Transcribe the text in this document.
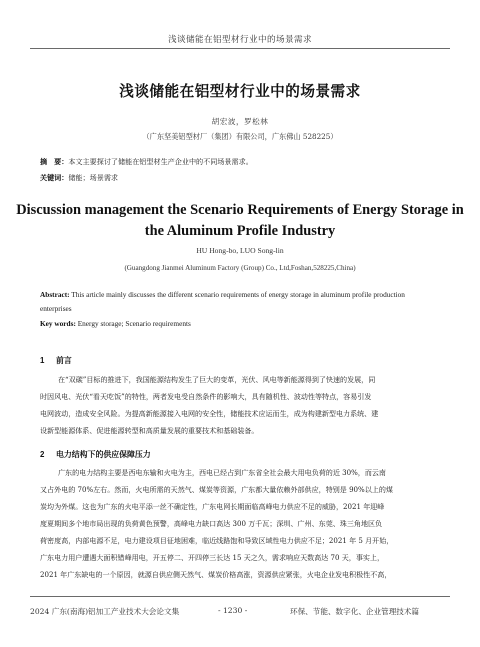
浅谈储能在铝型材行业中的场景需求
浅谈储能在铝型材行业中的场景需求
胡宏波，罗松林
（广东坚美铝型材厂（集团）有限公司，广东佛山 528225）
摘　要：本文主要探讨了储能在铝型材生产企业中的不同场景需求。
关键词：储能；场景需求
Discussion management the Scenario Requirements of Energy Storage in
the Aluminum Profile Industry
HU Hong-bo, LUO Song-lin
(Guangdong Jianmei Aluminum Factory (Group) Co., Ltd,Foshan,528225,China)
Abstract: This article mainly discusses the different scenario requirements of energy storage in aluminum profile production
enterprises
Key words: Energy storage; Scenario requirements
1 前言
在“双碳”目标的推进下，我国能源结构发生了巨大的变革，光伏、风电等新能源得到了快速的发展，同
时因风电、光伏“看天吃饭”的特性，两者发电受自然条件的影响大，具有随机性、波动性等特点，容易引发
电网波动，造成安全风险。为提高新能源接入电网的安全性，储能技术应运而生，成为构建新型电力系统、建
设新型能源体系、促进能源转型和高质量发展的重要技术和基础装备。
2 电力结构下的供应保障压力
广东的电力结构主要是西电东输和火电为主，西电已经占到广东省全社会最大用电负荷的近 30%，而云南
又占外电的 70%左右。然而，火电所需的天然气、煤炭等资源，广东都大量依赖外部供应，特别是 90%以上的煤
炭均为外煤。这也为广东的火电平添一丝不确定性，广东电网长期面临高峰电力供应不足的威胁，2021 年迎峰
度夏期间多个地市局出现的负荷黄色预警，高峰电力缺口高达 300 万千瓦；深圳、广州、东莞、珠三角地区负
荷密度高，内部电源不足，电力建设项目征地困难，临近线路饱和导致区域性电力供应不足；2021 年 5 月开始，
广东电力用户遭遇大面积错峰用电，开五停二、开四停三长达 15 天之久，需求响应天数高达 70 天，事实上，
2021 年广东缺电的一个原因，就源自供应侧天然气、煤炭价格高涨，资源供应紧张，火电企业发电积极性不高，
2024 广东(南海)铝加工产业技术大会论文集	- 1230 -	环保、节能、数字化、企业管理技术篇
